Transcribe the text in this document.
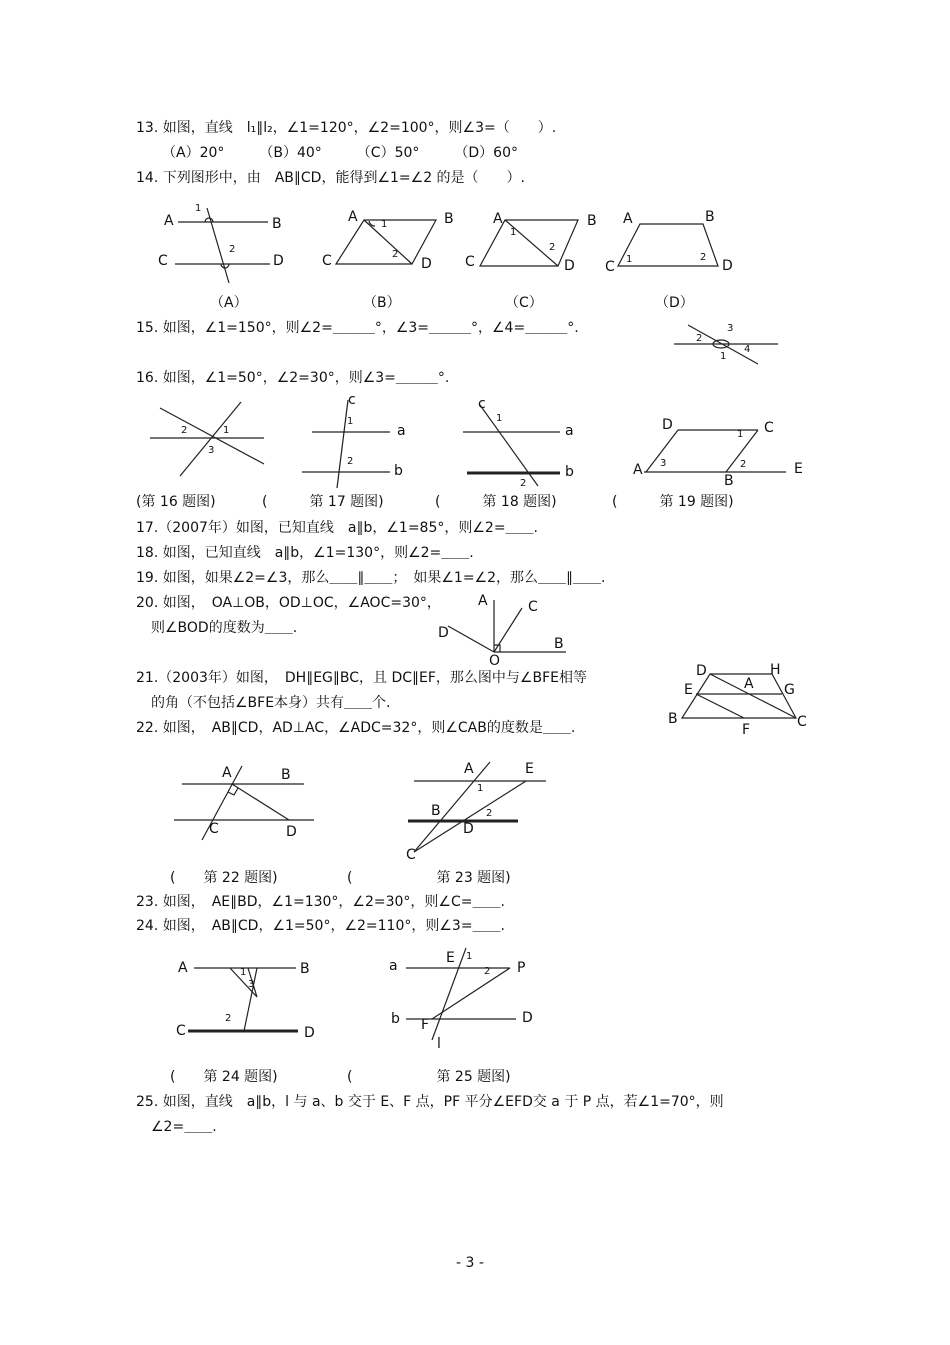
13. 如图，直线　l₁∥l₂，∠1=120°，∠2=100°，则∠3=（　　）.
（A）20°　　　（B）40°　　　（C）50°　　　（D）60°
14. 下列图形中，由　AB∥CD，能得到∠1=∠2 的是（　　）.
（A）	（B）	（C）	（D）
15. 如图，∠1=150°，则∠2=＿＿＿°，∠3=＿＿＿°，∠4=＿＿＿°.
16. 如图，∠1=50°，∠2=30°，则∠3=＿＿＿°.
(第 16 题图)	(　　　第 17 题图)	(　　　第 18 题图)	(　　　第 19 题图)
17.（2007年）如图，已知直线　a∥b，∠1=85°，则∠2=＿＿.
18. 如图，已知直线　a∥b，∠1=130°，则∠2=＿＿.
19. 如图，如果∠2=∠3，那么＿＿∥＿＿；　如果∠1=∠2，那么＿＿∥＿＿.
20. 如图，　OA⊥OB，OD⊥OC，∠AOC=30°，
则∠BOD的度数为＿＿.
21.（2003年）如图，　DH∥EG∥BC，且 DC∥EF，那么图中与∠BFE相等
的角（不包括∠BFE本身）共有＿＿个.
22. 如图，　AB∥CD，AD⊥AC，∠ADC=32°，则∠CAB的度数是＿＿.
(　　第 22 题图)	(　　　　　　第 23 题图)
23. 如图，　AE∥BD，∠1=130°，∠2=30°，则∠C=＿＿.
24. 如图，　AB∥CD，∠1=50°，∠2=110°，则∠3=＿＿.
(　　第 24 题图)	(　　　　　　第 25 题图)
25. 如图，直线　a∥b，l 与 a、b 交于 E、F 点，PF 平分∠EFD交 a 于 P 点，若∠1=70°，则
∠2=＿＿.
- 3 -
A	B
C	D
1
2
A	B
C	D
1
2
A	B
C	D
1
2
A	B
C	D
1	2
2
3
4
1
2	1
3
c
a
b
1
2
c
a
b
1
2
D	C
A
B
E
1
2
3
A	C
D
B
O
D	H
E	A G
B
F	C
A	B
C	D
A	E
B
D
C
1
2
A	B
C	D
1
2
3
a	E
P
b F	D
l
1
2
